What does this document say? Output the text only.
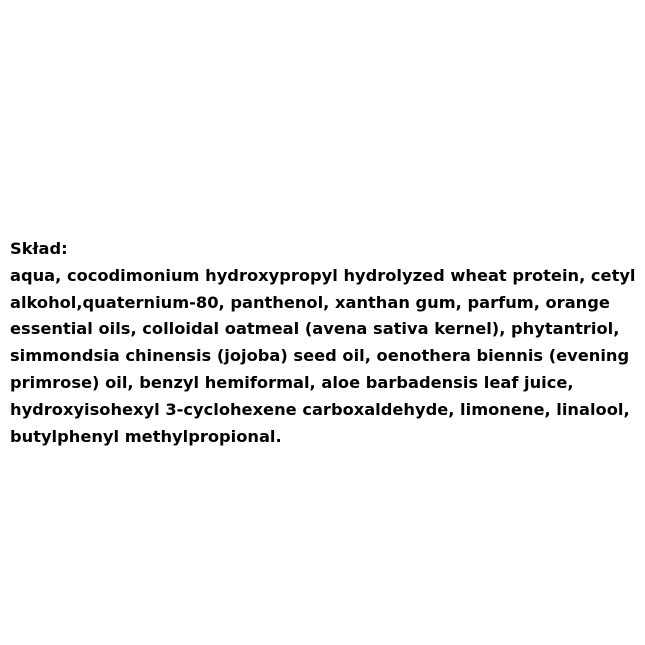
Skład:
aqua, cocodimonium hydroxypropyl hydrolyzed wheat protein, cetyl
alkohol,quaternium-80, panthenol, xanthan gum, parfum, orange
essential oils, colloidal oatmeal (avena sativa kernel), phytantriol,
simmondsia chinensis (jojoba) seed oil, oenothera biennis (evening
primrose) oil, benzyl hemiformal, aloe barbadensis leaf juice,
hydroxyisohexyl 3-cyclohexene carboxaldehyde, limonene, linalool,
butylphenyl methylpropional.
